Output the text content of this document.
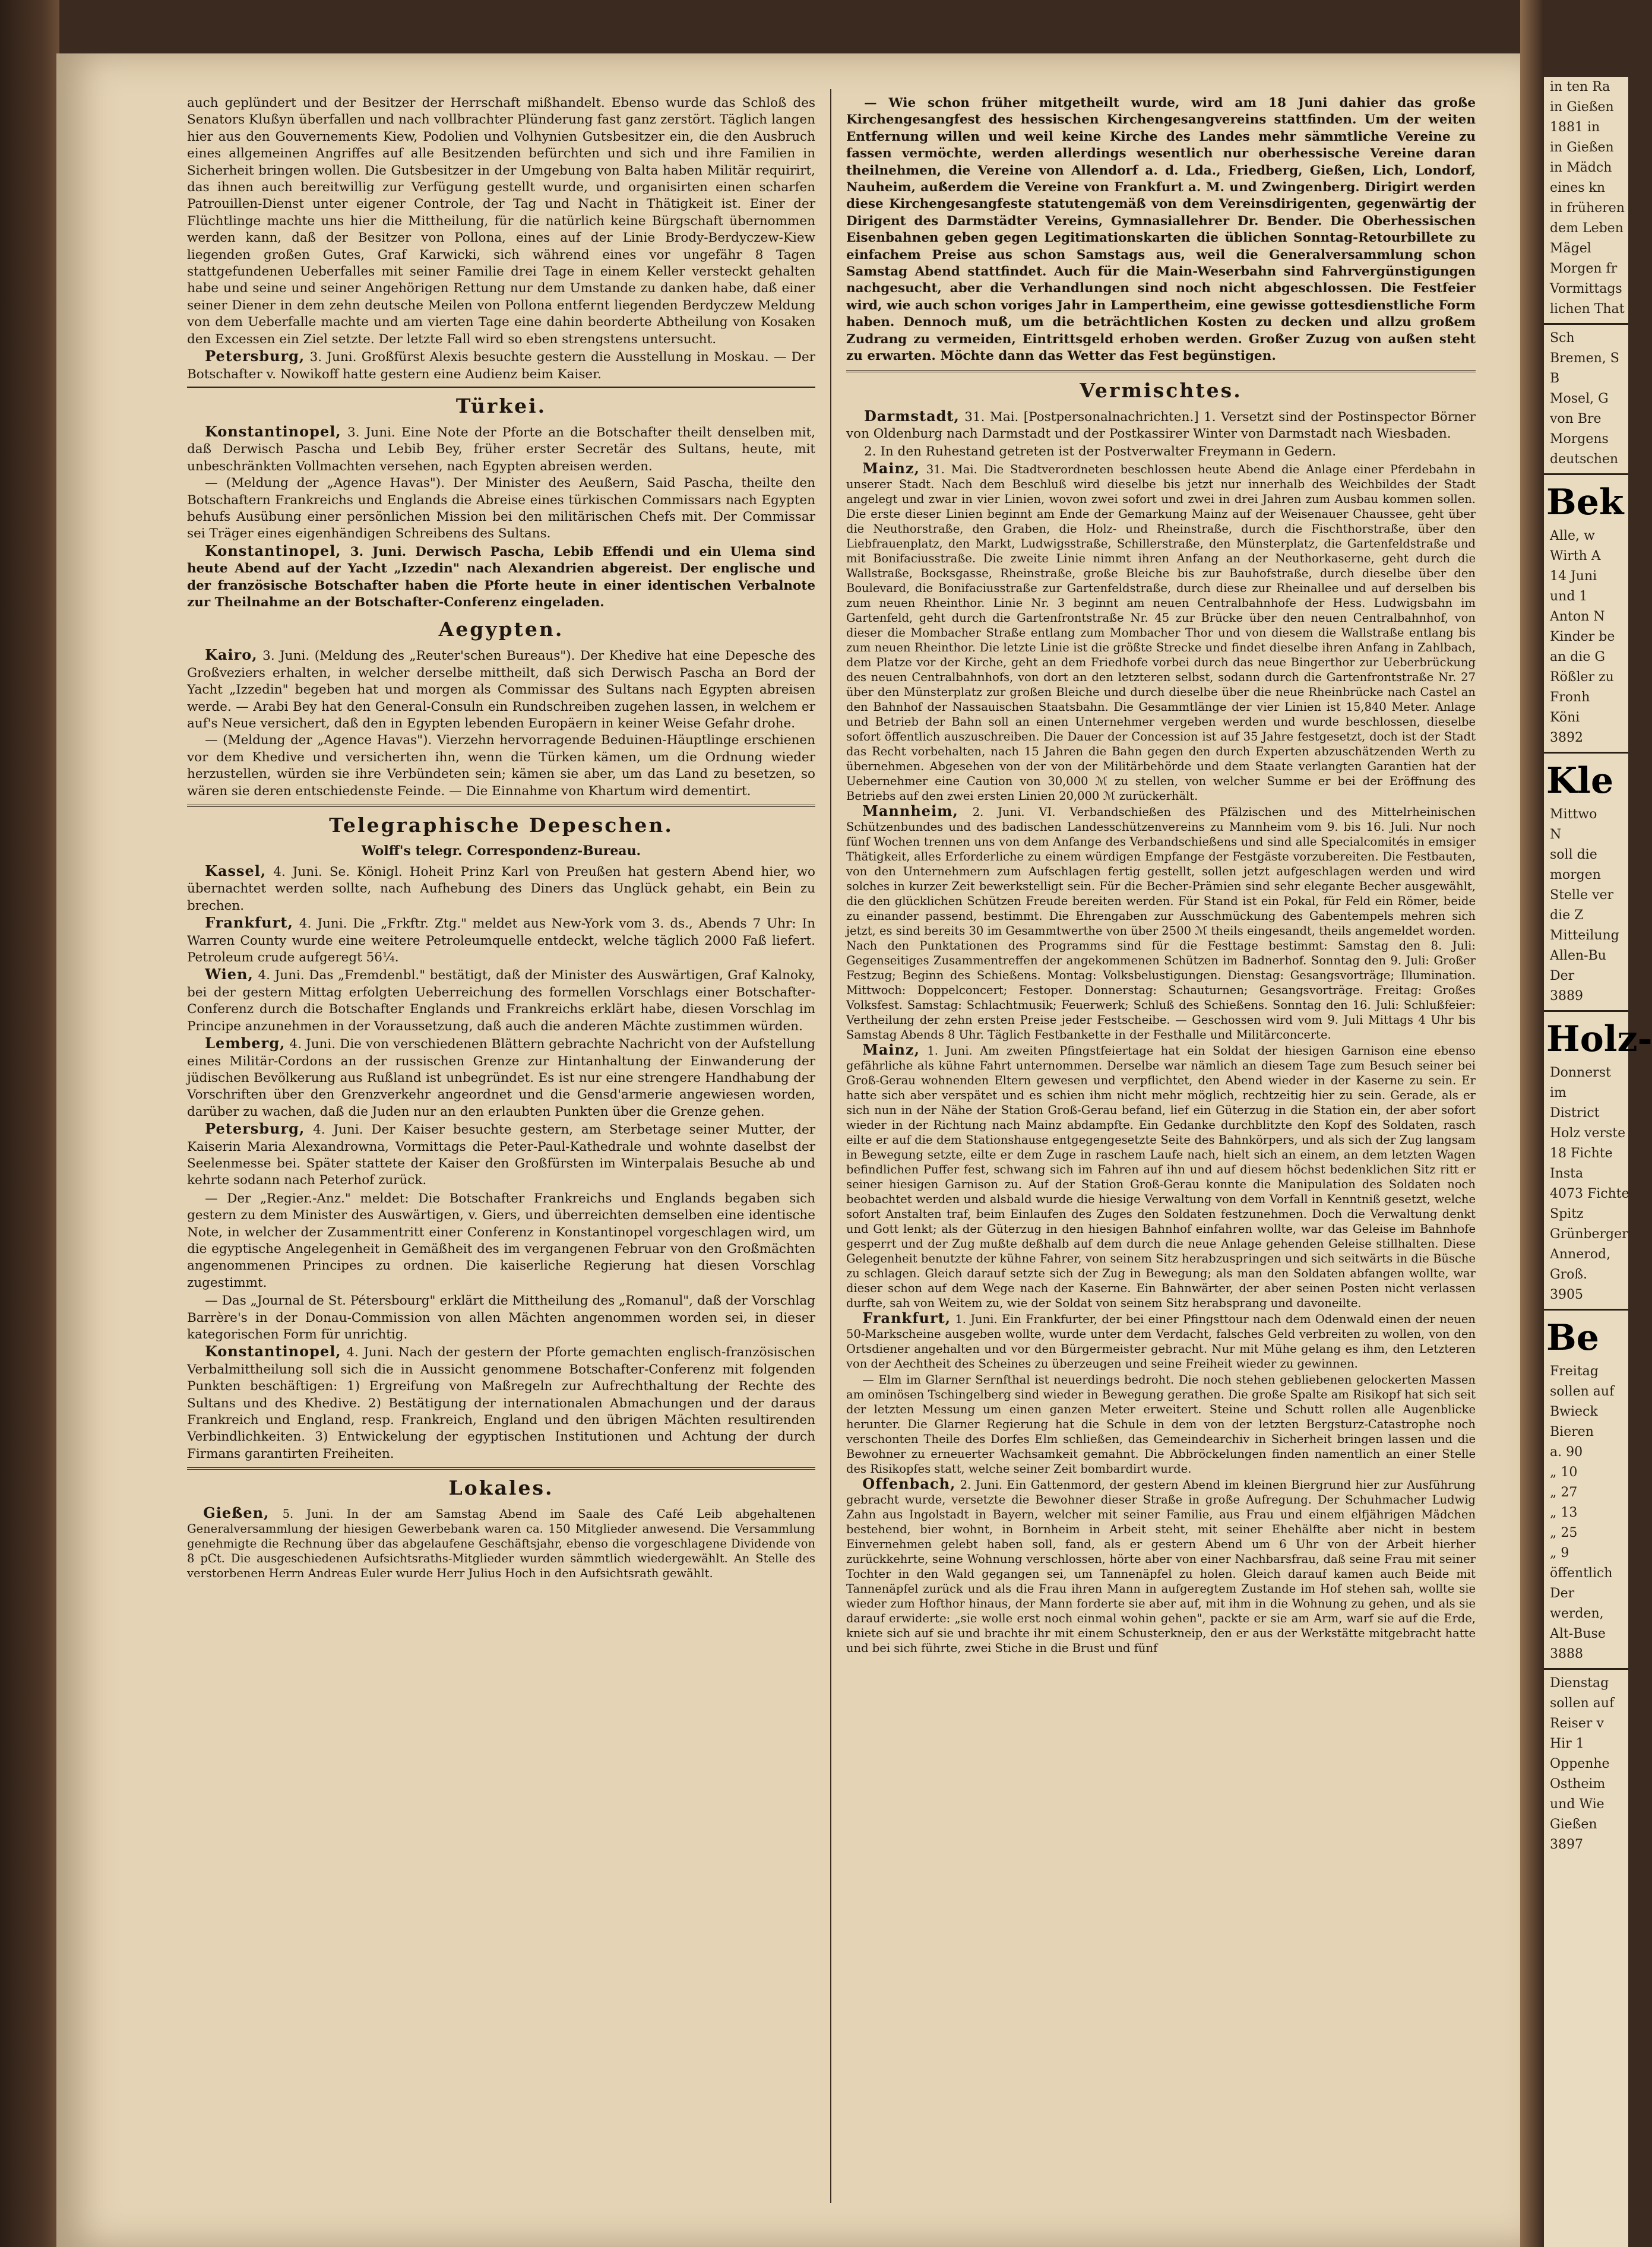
auch geplündert und der Besitzer der Herrschaft mißhandelt. Ebenso wurde das Schloß des Senators Klußyn überfallen und nach vollbrachter Plünderung fast ganz zerstört. Täglich langen hier aus den Gouvernements Kiew, Podolien und Volhynien Gutsbesitzer ein, die den Ausbruch eines allgemeinen Angriffes auf alle Besitzenden befürchten und sich und ihre Familien in Sicherheit bringen wollen. Die Gutsbesitzer in der Umgebung von Balta haben Militär requirirt, das ihnen auch bereitwillig zur Verfügung gestellt wurde, und organisirten einen scharfen Patrouillen-Dienst unter eigener Controle, der Tag und Nacht in Thätigkeit ist. Einer der Flüchtlinge machte uns hier die Mittheilung, für die natürlich keine Bürgschaft übernommen werden kann, daß der Besitzer von Pollona, eines auf der Linie Brody-Berdyczew-Kiew liegenden großen Gutes, Graf Karwicki, sich während eines vor ungefähr 8 Tagen stattgefundenen Ueberfalles mit seiner Familie drei Tage in einem Keller versteckt gehalten habe und seine und seiner Angehörigen Rettung nur dem Umstande zu danken habe, daß einer seiner Diener in dem zehn deutsche Meilen von Pollona entfernt liegenden Berdyczew Meldung von dem Ueberfalle machte und am vierten Tage eine dahin beorderte Abtheilung von Kosaken den Excessen ein Ziel setzte. Der letzte Fall wird so eben strengstens untersucht.

Petersburg, 3. Juni. Großfürst Alexis besuchte gestern die Ausstellung in Moskau. — Der Botschafter v. Nowikoff hatte gestern eine Audienz beim Kaiser.

Türkei.

Konstantinopel, 3. Juni. Eine Note der Pforte an die Botschafter theilt denselben mit, daß Derwisch Pascha und Lebib Bey, früher erster Secretär des Sultans, heute, mit unbeschränkten Vollmachten versehen, nach Egypten abreisen werden.

— (Meldung der „Agence Havas"). Der Minister des Aeußern, Said Pascha, theilte den Botschaftern Frankreichs und Englands die Abreise eines türkischen Commissars nach Egypten behufs Ausübung einer persönlichen Mission bei den militärischen Chefs mit. Der Commissar sei Träger eines eigenhändigen Schreibens des Sultans.

Konstantinopel, 3. Juni. Derwisch Pascha, Lebib Effendi und ein Ulema sind heute Abend auf der Yacht „Izzedin" nach Alexandrien abgereist. Der englische und der französische Botschafter haben die Pforte heute in einer identischen Verbalnote zur Theilnahme an der Botschafter-Conferenz eingeladen.

Aegypten.

Kairo, 3. Juni. (Meldung des „Reuter'schen Bureaus"). Der Khedive hat eine Depesche des Großveziers erhalten, in welcher derselbe mittheilt, daß sich Derwisch Pascha an Bord der Yacht „Izzedin" begeben hat und morgen als Commissar des Sultans nach Egypten abreisen werde. — Arabi Bey hat den General-Consuln ein Rundschreiben zugehen lassen, in welchem er auf's Neue versichert, daß den in Egypten lebenden Europäern in keiner Weise Gefahr drohe.

— (Meldung der „Agence Havas"). Vierzehn hervorragende Beduinen-Häuptlinge erschienen vor dem Khedive und versicherten ihn, wenn die Türken kämen, um die Ordnung wieder herzustellen, würden sie ihre Verbündeten sein; kämen sie aber, um das Land zu besetzen, so wären sie deren entschiedenste Feinde. — Die Einnahme von Khartum wird dementirt.

Telegraphische Depeschen.
Wolff's telegr. Correspondenz-Bureau.

Kassel, 4. Juni. Se. Königl. Hoheit Prinz Karl von Preußen hat gestern Abend hier, wo übernachtet werden sollte, nach Aufhebung des Diners das Unglück gehabt, ein Bein zu brechen.

Frankfurt, 4. Juni. Die „Frkftr. Ztg." meldet aus New-York vom 3. ds., Abends 7 Uhr: In Warren County wurde eine weitere Petroleumquelle entdeckt, welche täglich 2000 Faß liefert. Petroleum crude aufgeregt 56¼.

Wien, 4. Juni. Das „Fremdenbl." bestätigt, daß der Minister des Auswärtigen, Graf Kalnoky, bei der gestern Mittag erfolgten Ueberreichung des formellen Vorschlags einer Botschafter-Conferenz durch die Botschafter Englands und Frankreichs erklärt habe, diesen Vorschlag im Principe anzunehmen in der Voraussetzung, daß auch die anderen Mächte zustimmen würden.

Lemberg, 4. Juni. Die von verschiedenen Blättern gebrachte Nachricht von der Aufstellung eines Militär-Cordons an der russischen Grenze zur Hintanhaltung der Einwanderung der jüdischen Bevölkerung aus Rußland ist unbegründet. Es ist nur eine strengere Handhabung der Vorschriften über den Grenzverkehr angeordnet und die Gensd'armerie angewiesen worden, darüber zu wachen, daß die Juden nur an den erlaubten Punkten über die Grenze gehen.

Petersburg, 4. Juni. Der Kaiser besuchte gestern, am Sterbetage seiner Mutter, der Kaiserin Maria Alexandrowna, Vormittags die Peter-Paul-Kathedrale und wohnte daselbst der Seelenmesse bei. Später stattete der Kaiser den Großfürsten im Winterpalais Besuche ab und kehrte sodann nach Peterhof zurück.

— Der „Regier.-Anz." meldet: Die Botschafter Frankreichs und Englands begaben sich gestern zu dem Minister des Auswärtigen, v. Giers, und überreichten demselben eine identische Note, in welcher der Zusammentritt einer Conferenz in Konstantinopel vorgeschlagen wird, um die egyptische Angelegenheit in Gemäßheit des im vergangenen Februar von den Großmächten angenommenen Principes zu ordnen. Die kaiserliche Regierung hat diesen Vorschlag zugestimmt.

— Das „Journal de St. Pétersbourg" erklärt die Mittheilung des „Romanul", daß der Vorschlag Barrère's in der Donau-Commission von allen Mächten angenommen worden sei, in dieser kategorischen Form für unrichtig.

Konstantinopel, 4. Juni. Nach der gestern der Pforte gemachten englisch-französischen Verbalmittheilung soll sich die in Aussicht genommene Botschafter-Conferenz mit folgenden Punkten beschäftigen: 1) Ergreifung von Maßregeln zur Aufrechthaltung der Rechte des Sultans und des Khedive. 2) Bestätigung der internationalen Abmachungen und der daraus Frankreich und England, resp. Frankreich, England und den übrigen Mächten resultirenden Verbindlichkeiten. 3) Entwickelung der egyptischen Institutionen und Achtung der durch Firmans garantirten Freiheiten.

Lokales.

Gießen, 5. Juni. In der am Samstag Abend im Saale des Café Leib abgehaltenen Generalversammlung der hiesigen Gewerbebank waren ca. 150 Mitglieder anwesend. Die Versammlung genehmigte die Rechnung über das abgelaufene Geschäftsjahr, ebenso die vorgeschlagene Dividende von 8 pCt. Die ausgeschiedenen Aufsichtsraths-Mitglieder wurden sämmtlich wiedergewählt. An Stelle des verstorbenen Herrn Andreas Euler wurde Herr Julius Hoch in den Aufsichtsrath gewählt.

— Wie schon früher mitgetheilt wurde, wird am 18 Juni dahier das große Kirchengesangfest des hessischen Kirchengesangvereins stattfinden. Um der weiten Entfernung willen und weil keine Kirche des Landes mehr sämmtliche Vereine zu fassen vermöchte, werden allerdings wesentlich nur oberhessische Vereine daran theilnehmen, die Vereine von Allendorf a. d. Lda., Friedberg, Gießen, Lich, Londorf, Nauheim, außerdem die Vereine von Frankfurt a. M. und Zwingenberg. Dirigirt werden diese Kirchengesangfeste statutengemäß von dem Vereinsdirigenten, gegenwärtig der Dirigent des Darmstädter Vereins, Gymnasiallehrer Dr. Bender. Die Oberhessischen Eisenbahnen geben gegen Legitimationskarten die üblichen Sonntag-Retourbillete zu einfachem Preise aus schon Samstags aus, weil die Generalversammlung schon Samstag Abend stattfindet. Auch für die Main-Weserbahn sind Fahrvergünstigungen nachgesucht, aber die Verhandlungen sind noch nicht abgeschlossen. Die Festfeier wird, wie auch schon voriges Jahr in Lampertheim, eine gewisse gottesdienstliche Form haben. Dennoch muß, um die beträchtlichen Kosten zu decken und allzu großem Zudrang zu vermeiden, Eintrittsgeld erhoben werden. Großer Zuzug von außen steht zu erwarten. Möchte dann das Wetter das Fest begünstigen.

Vermischtes.

Darmstadt, 31. Mai. [Postpersonalnachrichten.] 1. Versetzt sind der Postinspector Börner von Oldenburg nach Darmstadt und der Postkassirer Winter von Darmstadt nach Wiesbaden.

2. In den Ruhestand getreten ist der Postverwalter Freymann in Gedern.

Mainz, 31. Mai. Die Stadtverordneten beschlossen heute Abend die Anlage einer Pferdebahn in unserer Stadt. Nach dem Beschluß wird dieselbe bis jetzt nur innerhalb des Weichbildes der Stadt angelegt und zwar in vier Linien, wovon zwei sofort und zwei in drei Jahren zum Ausbau kommen sollen. Die erste dieser Linien beginnt am Ende der Gemarkung Mainz auf der Weisenauer Chaussee, geht über die Neuthorstraße, den Graben, die Holz- und Rheinstraße, durch die Fischthorstraße, über den Liebfrauenplatz, den Markt, Ludwigsstraße, Schillerstraße, den Münsterplatz, die Gartenfeldstraße und mit Bonifaciusstraße. Die zweite Linie nimmt ihren Anfang an der Neuthorkaserne, geht durch die Wallstraße, Bocksgasse, Rheinstraße, große Bleiche bis zur Bauhofstraße, durch dieselbe über den Boulevard, die Bonifaciusstraße zur Gartenfeldstraße, durch diese zur Rheinallee und auf derselben bis zum neuen Rheinthor. Linie Nr. 3 beginnt am neuen Centralbahnhofe der Hess. Ludwigsbahn im Gartenfeld, geht durch die Gartenfrontstraße Nr. 45 zur Brücke über den neuen Centralbahnhof, von dieser die Mombacher Straße entlang zum Mombacher Thor und von diesem die Wallstraße entlang bis zum neuen Rheinthor. Die letzte Linie ist die größte Strecke und findet dieselbe ihren Anfang in Zahlbach, dem Platze vor der Kirche, geht an dem Friedhofe vorbei durch das neue Bingerthor zur Ueberbrückung des neuen Centralbahnhofs, von dort an den letzteren selbst, sodann durch die Gartenfrontstraße Nr. 27 über den Münsterplatz zur großen Bleiche und durch dieselbe über die neue Rheinbrücke nach Castel an den Bahnhof der Nassauischen Staatsbahn. Die Gesammtlänge der vier Linien ist 15,840 Meter. Anlage und Betrieb der Bahn soll an einen Unternehmer vergeben werden und wurde beschlossen, dieselbe sofort öffentlich auszuschreiben. Die Dauer der Concession ist auf 35 Jahre festgesetzt, doch ist der Stadt das Recht vorbehalten, nach 15 Jahren die Bahn gegen den durch Experten abzuschätzenden Werth zu übernehmen. Abgesehen von der von der Militärbehörde und dem Staate verlangten Garantien hat der Uebernehmer eine Caution von 30,000 ℳ zu stellen, von welcher Summe er bei der Eröffnung des Betriebs auf den zwei ersten Linien 20,000 ℳ zurückerhält.

Mannheim, 2. Juni. VI. Verbandschießen des Pfälzischen und des Mittelrheinischen Schützenbundes und des badischen Landesschützenvereins zu Mannheim vom 9. bis 16. Juli. Nur noch fünf Wochen trennen uns von dem Anfange des Verbandschießens und sind alle Specialcomités in emsiger Thätigkeit, alles Erforderliche zu einem würdigen Empfange der Festgäste vorzubereiten. Die Festbauten, von den Unternehmern zum Aufschlagen fertig gestellt, sollen jetzt aufgeschlagen werden und wird solches in kurzer Zeit bewerkstelligt sein. Für die Becher-Prämien sind sehr elegante Becher ausgewählt, die den glücklichen Schützen Freude bereiten werden. Für Stand ist ein Pokal, für Feld ein Römer, beide zu einander passend, bestimmt. Die Ehrengaben zur Ausschmückung des Gabentempels mehren sich jetzt, es sind bereits 30 im Gesammtwerthe von über 2500 ℳ theils eingesandt, theils angemeldet worden. Nach den Punktationen des Programms sind für die Festtage bestimmt: Samstag den 8. Juli: Gegenseitiges Zusammentreffen der angekommenen Schützen im Badnerhof. Sonntag den 9. Juli: Großer Festzug; Beginn des Schießens. Montag: Volksbelustigungen. Dienstag: Gesangsvorträge; Illumination. Mittwoch: Doppelconcert; Festoper. Donnerstag: Schauturnen; Gesangsvorträge. Freitag: Großes Volksfest. Samstag: Schlachtmusik; Feuerwerk; Schluß des Schießens. Sonntag den 16. Juli: Schlußfeier: Vertheilung der zehn ersten Preise jeder Festscheibe. — Geschossen wird vom 9. Juli Mittags 4 Uhr bis Samstag Abends 8 Uhr. Täglich Festbankette in der Festhalle und Militärconcerte.

Mainz, 1. Juni. Am zweiten Pfingstfeiertage hat ein Soldat der hiesigen Garnison eine ebenso gefährliche als kühne Fahrt unternommen. Derselbe war nämlich an diesem Tage zum Besuch seiner bei Groß-Gerau wohnenden Eltern gewesen und verpflichtet, den Abend wieder in der Kaserne zu sein. Er hatte sich aber verspätet und es schien ihm nicht mehr möglich, rechtzeitig hier zu sein. Gerade, als er sich nun in der Nähe der Station Groß-Gerau befand, lief ein Güterzug in die Station ein, der aber sofort wieder in der Richtung nach Mainz abdampfte. Ein Gedanke durchblitzte den Kopf des Soldaten, rasch eilte er auf die dem Stationshause entgegengesetzte Seite des Bahnkörpers, und als sich der Zug langsam in Bewegung setzte, eilte er dem Zuge in raschem Laufe nach, hielt sich an einem, an dem letzten Wagen befindlichen Puffer fest, schwang sich im Fahren auf ihn und auf diesem höchst bedenklichen Sitz ritt er seiner hiesigen Garnison zu. Auf der Station Groß-Gerau konnte die Manipulation des Soldaten noch beobachtet werden und alsbald wurde die hiesige Verwaltung von dem Vorfall in Kenntniß gesetzt, welche sofort Anstalten traf, beim Einlaufen des Zuges den Soldaten festzunehmen. Doch die Verwaltung denkt und Gott lenkt; als der Güterzug in den hiesigen Bahnhof einfahren wollte, war das Geleise im Bahnhofe gesperrt und der Zug mußte deßhalb auf dem durch die neue Anlage gehenden Geleise stillhalten. Diese Gelegenheit benutzte der kühne Fahrer, von seinem Sitz herabzuspringen und sich seitwärts in die Büsche zu schlagen. Gleich darauf setzte sich der Zug in Bewegung; als man den Soldaten abfangen wollte, war dieser schon auf dem Wege nach der Kaserne. Ein Bahnwärter, der aber seinen Posten nicht verlassen durfte, sah von Weitem zu, wie der Soldat von seinem Sitz herabsprang und davoneilte.

Frankfurt, 1. Juni. Ein Frankfurter, der bei einer Pfingsttour nach dem Odenwald einen der neuen 50-Markscheine ausgeben wollte, wurde unter dem Verdacht, falsches Geld verbreiten zu wollen, von den Ortsdiener angehalten und vor den Bürgermeister gebracht. Nur mit Mühe gelang es ihm, den Letzteren von der Aechtheit des Scheines zu überzeugen und seine Freiheit wieder zu gewinnen.

— Elm im Glarner Sernfthal ist neuerdings bedroht. Die noch stehen gebliebenen gelockerten Massen am ominösen Tschingelberg sind wieder in Bewegung gerathen. Die große Spalte am Risikopf hat sich seit der letzten Messung um einen ganzen Meter erweitert. Steine und Schutt rollen alle Augenblicke herunter. Die Glarner Regierung hat die Schule in dem von der letzten Bergsturz-Catastrophe noch verschonten Theile des Dorfes Elm schließen, das Gemeindearchiv in Sicherheit bringen lassen und die Bewohner zu erneuerter Wachsamkeit gemahnt. Die Abbröckelungen finden namentlich an einer Stelle des Risikopfes statt, welche seiner Zeit bombardirt wurde.

Offenbach, 2. Juni. Ein Gattenmord, der gestern Abend im kleinen Biergrund hier zur Ausführung gebracht wurde, versetzte die Bewohner dieser Straße in große Aufregung. Der Schuhmacher Ludwig Zahn aus Ingolstadt in Bayern, welcher mit seiner Familie, aus Frau und einem elfjährigen Mädchen bestehend, bier wohnt, in Bornheim in Arbeit steht, mit seiner Ehehälfte aber nicht in bestem Einvernehmen gelebt haben soll, fand, als er gestern Abend um 6 Uhr von der Arbeit hierher zurückkehrte, seine Wohnung verschlossen, hörte aber von einer Nachbarsfrau, daß seine Frau mit seiner Tochter in den Wald gegangen sei, um Tannenäpfel zu holen. Gleich darauf kamen auch Beide mit Tannenäpfel zurück und als die Frau ihren Mann in aufgeregtem Zustande im Hof stehen sah, wollte sie wieder zum Hofthor hinaus, der Mann forderte sie aber auf, mit ihm in die Wohnung zu gehen, und als sie darauf erwiderte: „sie wolle erst noch einmal wohin gehen", packte er sie am Arm, warf sie auf die Erde, kniete sich auf sie und brachte ihr mit einem Schusterkneip, den er aus der Werkstätte mitgebracht hatte und bei sich führte, zwei Stiche in die Brust und fünf

in ten Ra
in Gießen
1881 in
in Gießen
in Mädch
eines kn
in früheren
dem Leben
Mägel
Morgen fr
Vormittags
lichen That
Sch
Bremen, S
B
Mosel, G
von Bre
Morgens
deutschen
Bek
Alle, w
Wirth A
14 Juni
und 1
Anton N
Kinder be
an die G
Rößler zu
Fronh
Köni
3892
Kle
Mittwo
N
soll die
morgen
Stelle ver
die Z
Mitteilung
Allen-Bu
Der
3889
Holz-
Donnerst
im
District
Holz verste
18 Fichte
Insta
4073 Fichte
Spitz
Grünberger
Annerod,
Groß.
3905
Be
Freitag
sollen auf
Bwieck
Bieren
a. 90
„ 10
„ 27
„ 13
„ 25
„ 9
öffentlich
Der
werden,
Alt-Buse
3888
Dienstag
sollen auf
Reiser v
Hir 1
Oppenhe
Ostheim
und Wie
Gießen
3897
